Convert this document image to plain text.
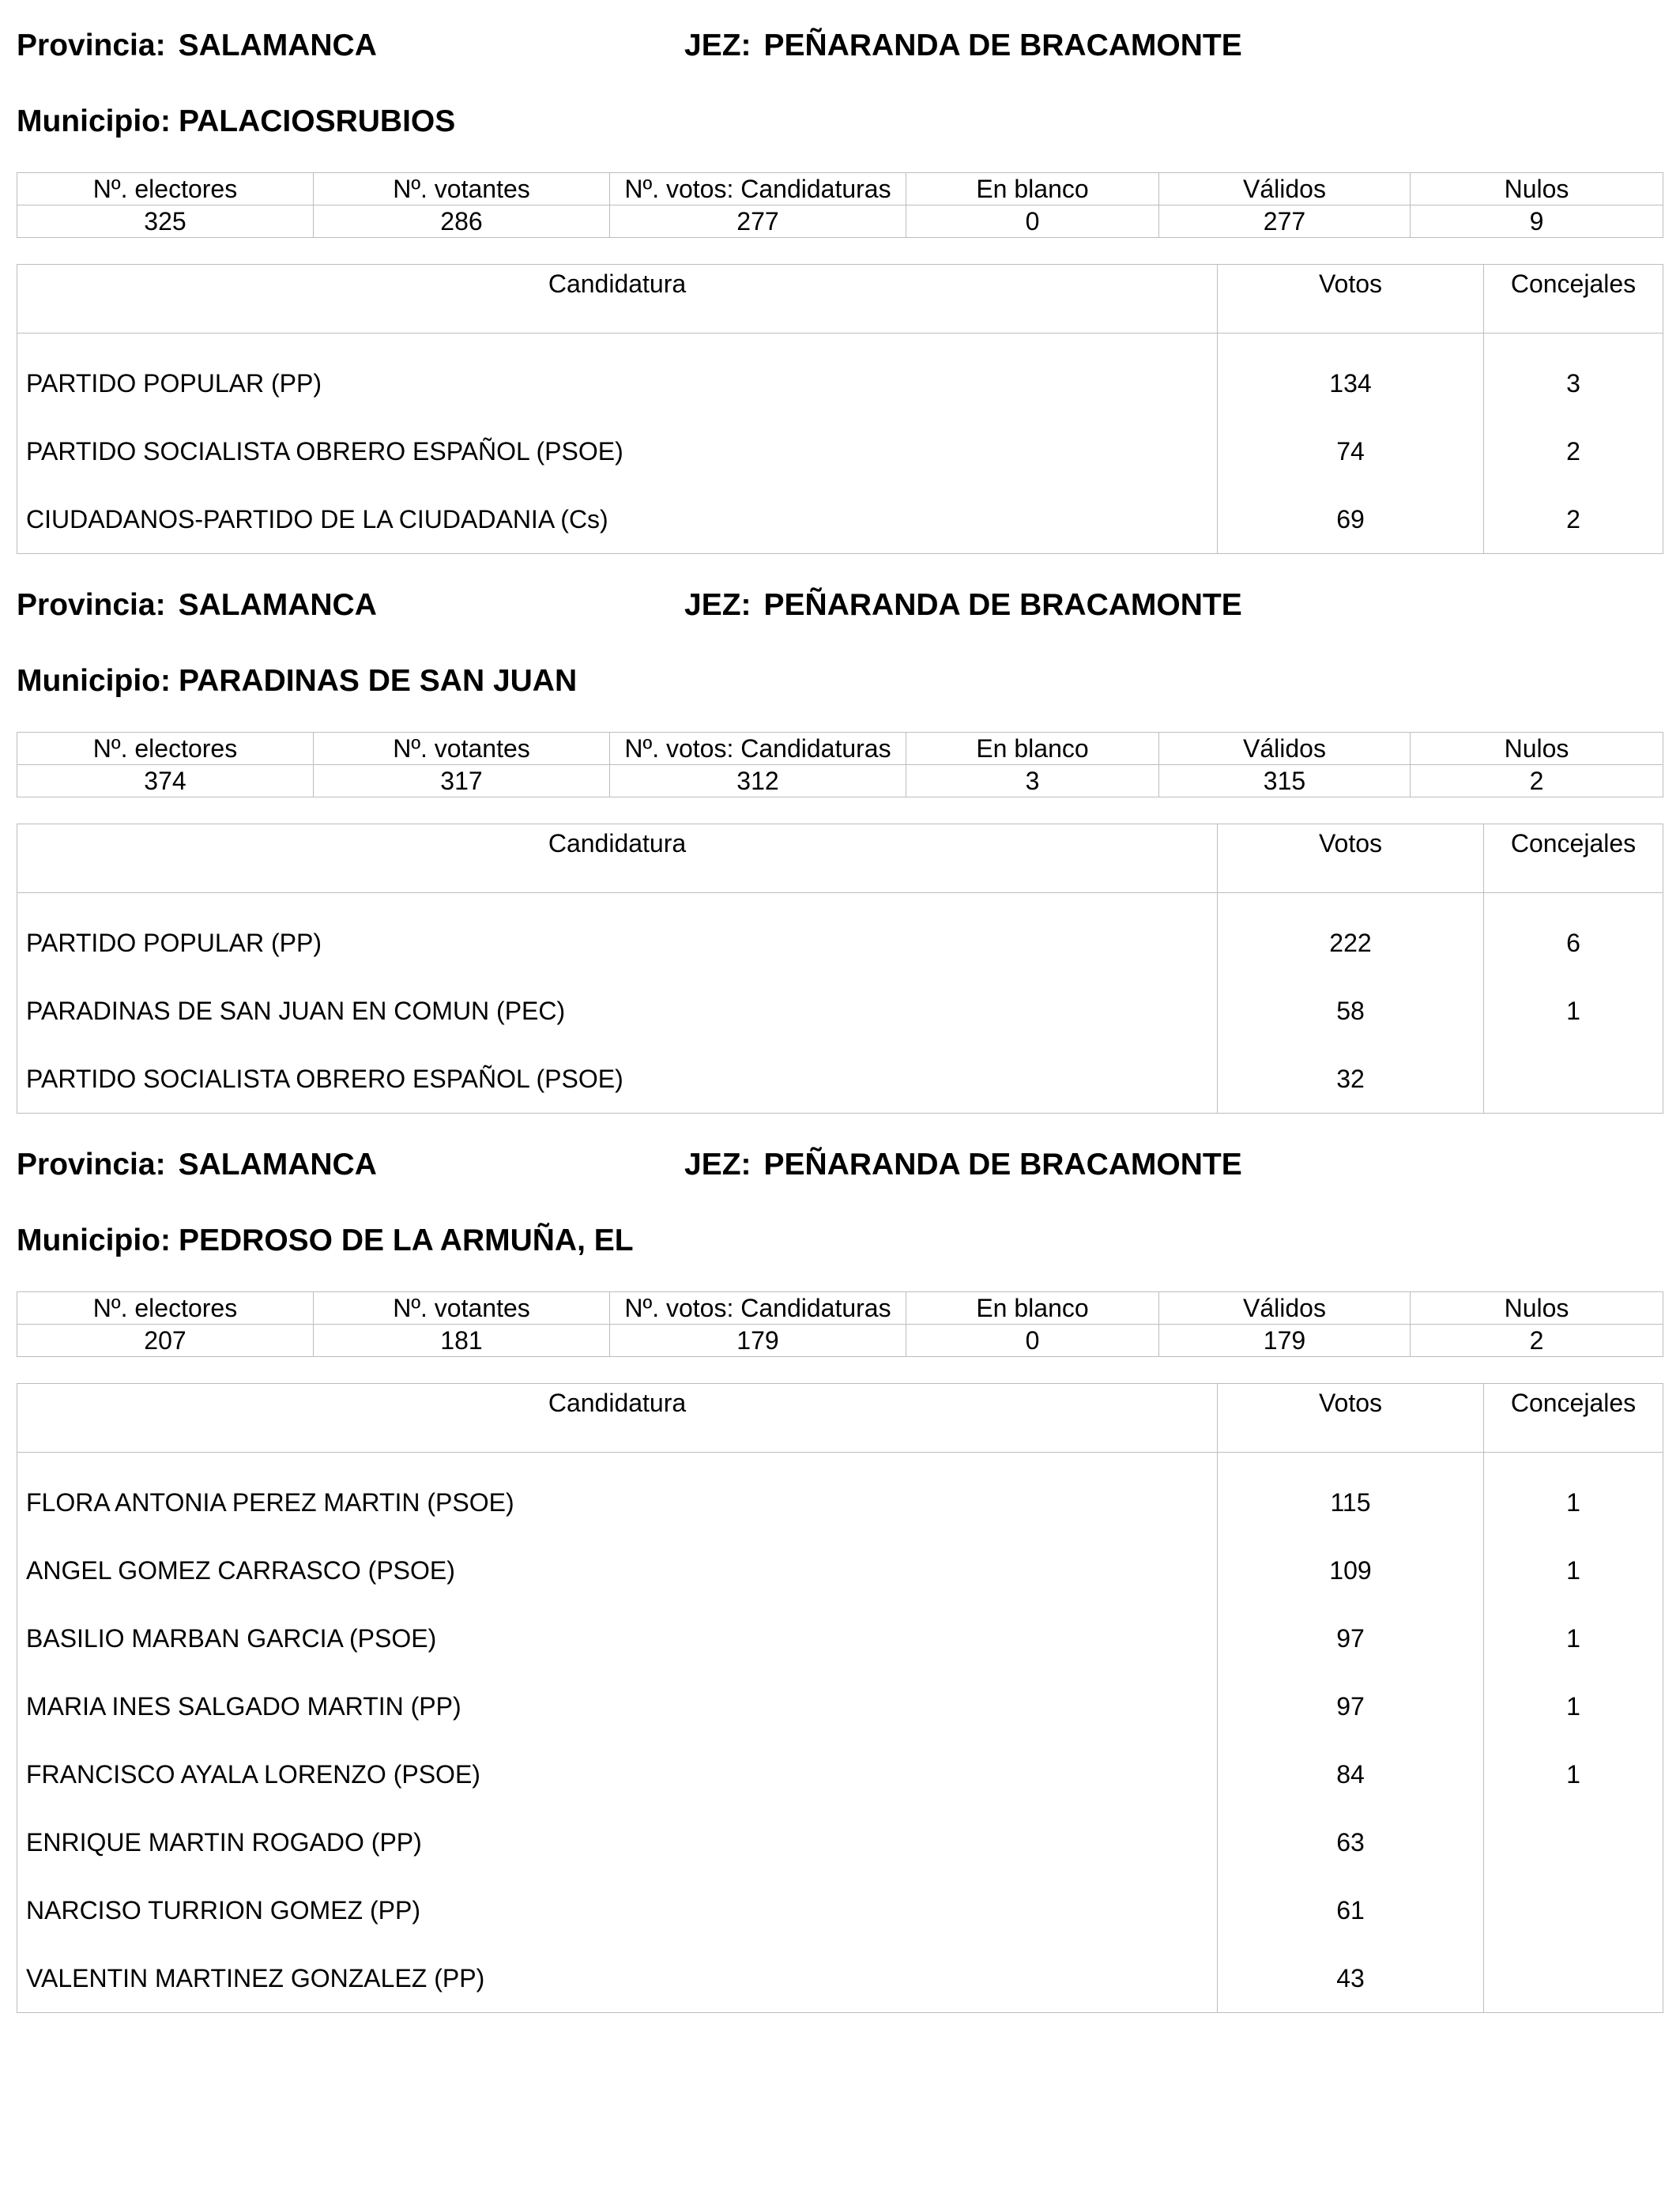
Provincia: SALAMANCA	JEZ: PEÑARANDA DE BRACAMONTE
Municipio: PALACIOSRUBIOS
Nº. electores	Nº. votantes	Nº. votos: Candidaturas	En blanco	Válidos	Nulos
325	286	277	0	277	9
Candidatura	Votos	Concejales
PARTIDO POPULAR (PP)	134	3
PARTIDO SOCIALISTA OBRERO ESPAÑOL (PSOE)	74	2
CIUDADANOS-PARTIDO DE LA CIUDADANIA (Cs)	69	2
Provincia: SALAMANCA	JEZ: PEÑARANDA DE BRACAMONTE
Municipio: PARADINAS DE SAN JUAN
Nº. electores	Nº. votantes	Nº. votos: Candidaturas	En blanco	Válidos	Nulos
374	317	312	3	315	2
Candidatura	Votos	Concejales
PARTIDO POPULAR (PP)	222	6
PARADINAS DE SAN JUAN EN COMUN (PEC)	58	1
PARTIDO SOCIALISTA OBRERO ESPAÑOL (PSOE)	32	
Provincia: SALAMANCA	JEZ: PEÑARANDA DE BRACAMONTE
Municipio: PEDROSO DE LA ARMUÑA, EL
Nº. electores	Nº. votantes	Nº. votos: Candidaturas	En blanco	Válidos	Nulos
207	181	179	0	179	2
Candidatura	Votos	Concejales
FLORA ANTONIA PEREZ MARTIN (PSOE)	115	1
ANGEL GOMEZ CARRASCO (PSOE)	109	1
BASILIO MARBAN GARCIA (PSOE)	97	1
MARIA INES SALGADO MARTIN (PP)	97	1
FRANCISCO AYALA LORENZO (PSOE)	84	1
ENRIQUE MARTIN ROGADO (PP)	63	
NARCISO TURRION GOMEZ (PP)	61	
VALENTIN MARTINEZ GONZALEZ (PP)	43	
